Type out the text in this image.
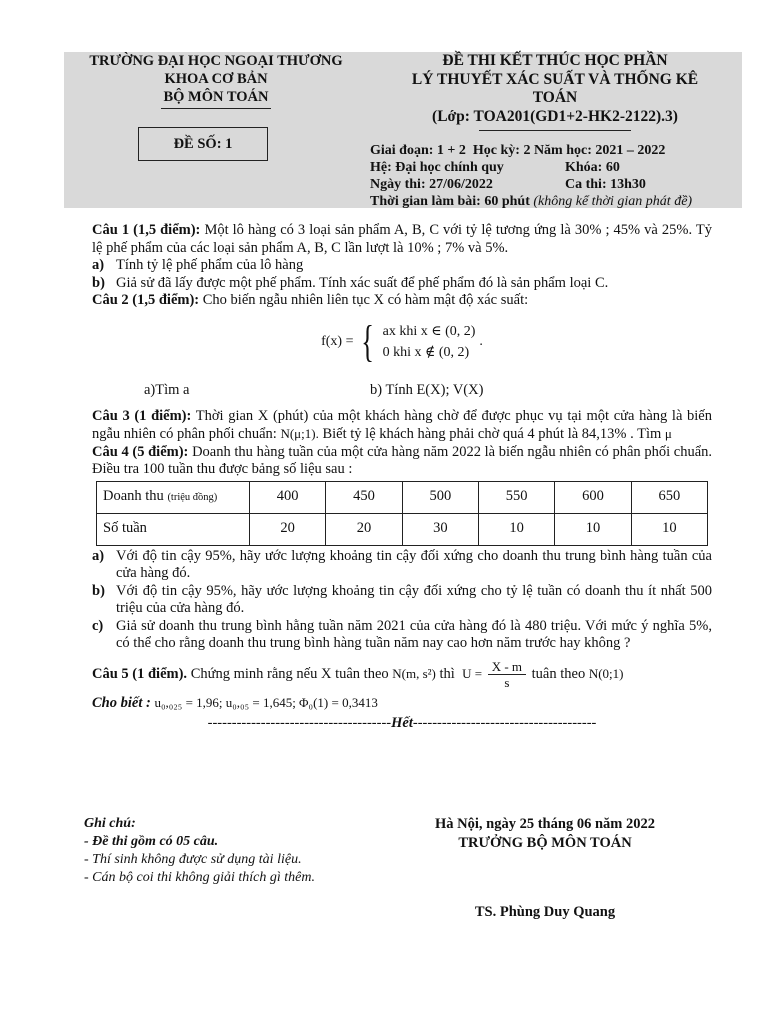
TRƯỜNG ĐẠI HỌC NGOẠI THƯƠNG
KHOA CƠ BẢN
BỘ MÔN TOÁN
ĐỀ SỐ: 1
ĐỀ THI KẾT THÚC HỌC PHẦN
LÝ THUYẾT XÁC SUẤT VÀ THỐNG KÊ
TOÁN
(Lớp: TOA201(GD1+2-HK2-2122).3)
Giai đoạn: 1 + 2 Học kỳ: 2 Năm học: 2021 – 2022
Hệ: Đại học chính quy	Khóa: 60
Ngày thi: 27/06/2022	Ca thi: 13h30
Thời gian làm bài: 60 phút (không kể thời gian phát đề)

Câu 1 (1,5 điểm): Một lô hàng có 3 loại sản phẩm A, B, C với tỷ lệ tương ứng là 30% ; 45% và 25%. Tỷ lệ phế phẩm của các loại sản phẩm A, B, C lần lượt là 10% ; 7% và 5%.

a) Tính tỷ lệ phế phẩm của lô hàng
b) Giả sử đã lấy được một phế phẩm. Tính xác suất để phế phẩm đó là sản phẩm loại C.

Câu 2 (1,5 điểm): Cho biến ngẫu nhiên liên tục X có hàm mật độ xác suất:

f(x) = { ax khi x ∈ (0, 2)
0 khi x ∉ (0, 2)
.
a)Tìm a	b) Tính E(X); V(X)

Câu 3 (1 điểm): Thời gian X (phút) của một khách hàng chờ để được phục vụ tại một cửa hàng là biến ngẫu nhiên có phân phối chuẩn: N(μ;1). Biết tỷ lệ khách hàng phải chờ quá 4 phút là 84,13% . Tìm μ

Câu 4 (5 điểm): Doanh thu hàng tuần của một cửa hàng năm 2022 là biến ngẫu nhiên có phân phối chuẩn. Điều tra 100 tuần thu được bảng số liệu sau :

Doanh thu (triệu đồng)	400	450	500	550	600	650
Số tuần	20	20	30	10	10	10
a) Với độ tin cậy 95%, hãy ước lượng khoảng tin cậy đối xứng cho doanh thu trung bình hàng tuần của cửa hàng đó.
b) Với độ tin cậy 95%, hãy ước lượng khoảng tin cậy đối xứng cho tỷ lệ tuần có doanh thu ít nhất 500 triệu của cửa hàng đó.
c) Giả sử doanh thu trung bình hằng tuần năm 2021 của cửa hàng đó là 480 triệu. Với mức ý nghĩa 5%, có thể cho rằng doanh thu trung bình hàng tuần năm nay cao hơn năm trước hay không ?

Câu 5 (1 điểm). Chứng minh rằng nếu X tuân theo N(m, s²) thì $U = \frac{X - m}{s}$ tuân theo N(0;1)

Cho biết : u₀,₀₂₅ = 1,96; u₀,₀₅ = 1,645; Φ₀(1) = 0,3413

--------------------------------------Hết--------------------------------------
Ghi chú:
- Đề thi gồm có 05 câu.
- Thí sinh không được sử dụng tài liệu.
- Cán bộ coi thi không giải thích gì thêm.
Hà Nội, ngày 25 tháng 06 năm 2022
TRƯỞNG BỘ MÔN TOÁN
TS. Phùng Duy Quang
